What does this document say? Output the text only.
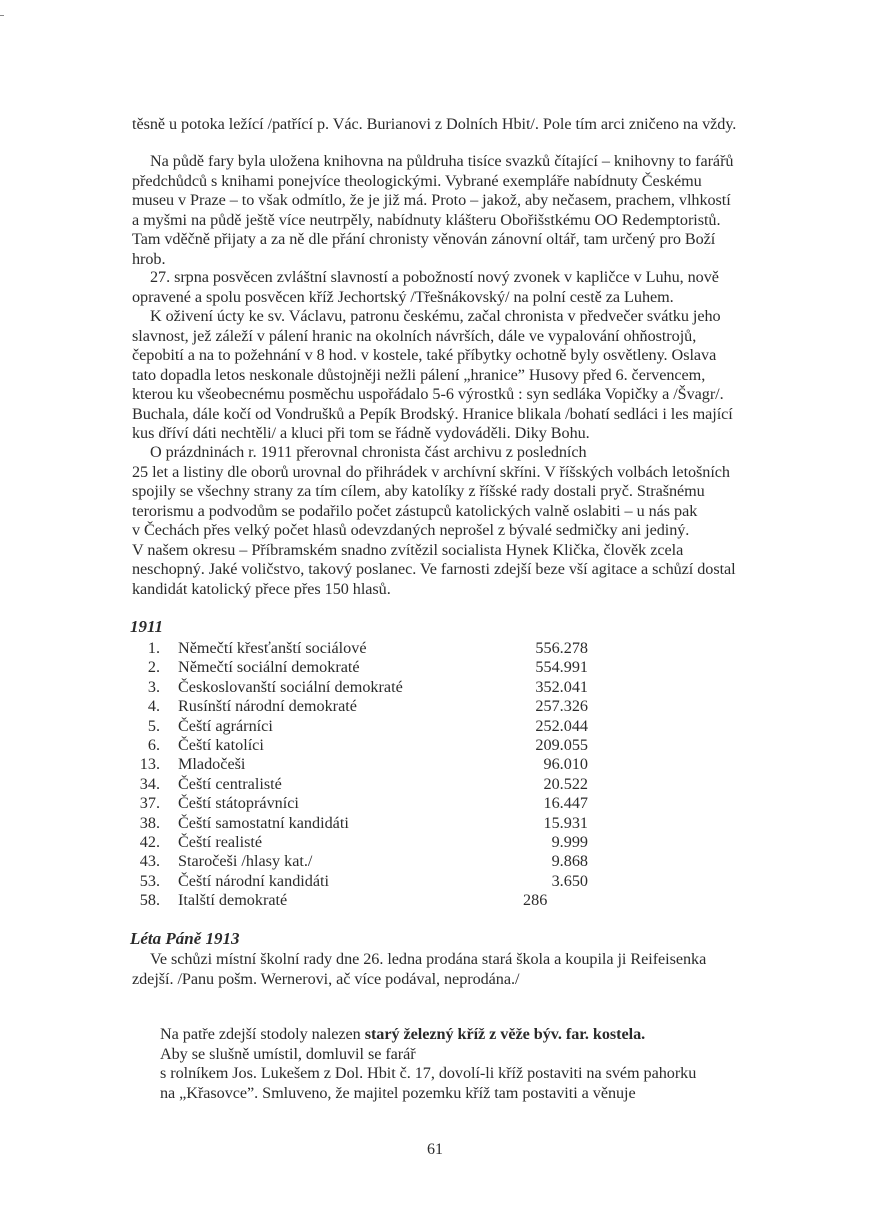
těsně u potoka ležící /patřící p. Vác. Burianovi z Dolních Hbit/. Pole tím arci zničeno na vždy.
Na půdě fary byla uložena knihovna na půldruha tisíce svazků čítající – knihovny to farářů
předchůdců s knihami ponejvíce theologickými. Vybrané exempláře nabídnuty Českému
museu v Praze – to však odmítlo, že je již má. Proto – jakož, aby nečasem, prachem, vlhkostí
a myšmi na půdě ještě více neutrpěly, nabídnuty klášteru Obořišstkému OO Redemptoristů.
Tam vděčně přijaty a za ně dle přání chronisty věnován zánovní oltář, tam určený pro Boží
hrob.
27. srpna posvěcen zvláštní slavností a pobožností nový zvonek v kapličce v Luhu, nově
opravené a spolu posvěcen kříž Jechortský /Třešnákovský/ na polní cestě za Luhem.
K oživení úcty ke sv. Václavu, patronu českému, začal chronista v předvečer svátku jeho
slavnost, jež záleží v pálení hranic na okolních návrších, dále ve vypalování ohňostrojů,
čepobití a na to požehnání v 8 hod. v kostele, také příbytky ochotně byly osvětleny. Oslava
tato dopadla letos neskonale důstojněji nežli pálení „hranice” Husovy před 6. červencem,
kterou ku všeobecnému posměchu uspořádalo 5-6 výrostků : syn sedláka Vopičky a /Švagr/.
Buchala, dále kočí od Vondrušků a Pepík Brodský. Hranice blikala /bohatí sedláci i les mající
kus dříví dáti nechtěli/ a kluci při tom se řádně vydováděli. Diky Bohu.
O prázdninách r. 1911 přerovnal chronista část archivu z posledních
25 let a listiny dle oborů urovnal do přihrádek v archívní skříni. V říšských volbách letošních
spojily se všechny strany za tím cílem, aby katolíky z říšské rady dostali pryč. Strašnému
terorismu a podvodům se podařilo počet zástupců katolických valně oslabiti – u nás pak
v Čechách přes velký počet hlasů odevzdaných neprošel z bývalé sedmičky ani jediný.
V našem okresu – Příbramském snadno zvítězil socialista Hynek Klička, člověk zcela
neschopný. Jaké voličstvo, takový poslanec. Ve farnosti zdejší beze vší agitace a schůzí dostal
kandidát katolický přece přes 150 hlasů.
1911
1. Němečtí křesťanští sociálové	556.278
2. Němečtí sociální demokraté	554.991
3. Českoslovanští sociální demokraté	352.041
4. Rusínští národní demokraté	257.326
5. Čeští agrárníci	252.044
6. Čeští katolíci	209.055
13. Mladočeši	96.010
34. Čeští centralisté	20.522
37. Čeští státoprávníci	16.447
38. Čeští samostatní kandidáti	15.931
42. Čeští realisté	9.999
43. Staročeši /hlasy kat./	9.868
53. Čeští národní kandidáti	3.650
58. Italští demokraté	286
Léta Páně 1913
Ve schůzi místní školní rady dne 26. ledna prodána stará škola a koupila ji Reifeisenka
zdejší. /Panu pošm. Wernerovi, ač více podával, neprodána./
Na patře zdejší stodoly nalezen starý železný kříž z věže býv. far. kostela.
Aby se slušně umístil, domluvil se farář
s rolníkem Jos. Lukešem z Dol. Hbit č. 17, dovolí-li kříž postaviti na svém pahorku
na „Křasovce”. Smluveno, že majitel pozemku kříž tam postaviti a věnuje
61
